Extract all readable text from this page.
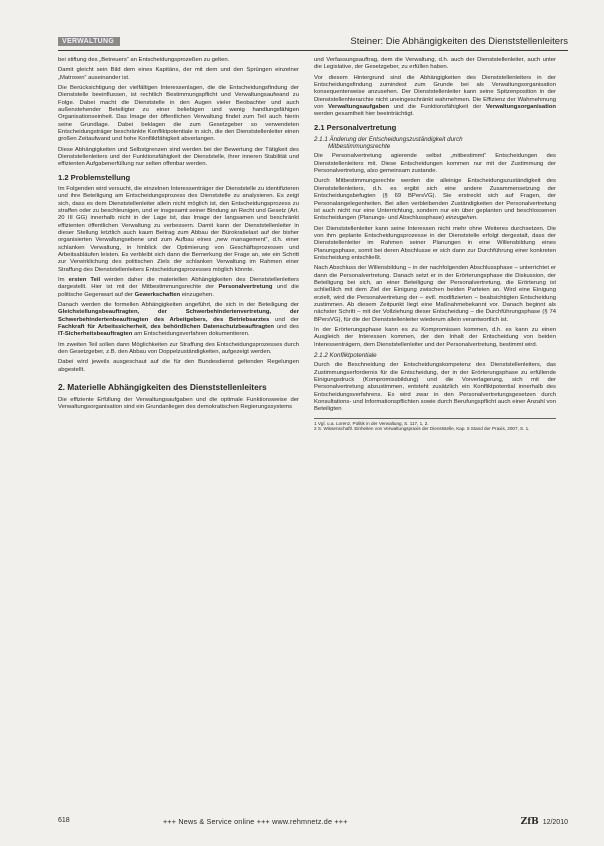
VERWALTUNG	Steiner: Die Abhängigkeiten des Dienststellenleiters

bei stiftung des „Betreuers“ an Entscheidungsprozeßen zu gelten.

Damit gleicht sein Bild dem eines Kapitäns, der mit dem und den Sprüngen einzelner „Matrosen“ auseinander ist.

Die Berücksichtigung der vielfältigen Interessenlagen, die die Entscheidungsfindung der Dienststelle beeinflussen, ist rechtlich Bestimmungspflicht und Verwaltungsaufwand zu Folge. Dabei macht die Dienststelle in den Augen vieler Beobachter und auch außenstehender Beteiligter zu einer beliebigen und wenig handlungsfähigen Organisationseinheit. Das Image der öffentlichen Verwaltung findet zum Teil auch hierin seine Grundlage. Dabei beklagen die zum Gesetzgeber so verwendeten Entscheidungsträger beschränkte Konfliktpotentiale in sich, die den Dienststellenleiter einen großen Zeitaufwand und hohe Konfliktfähigkeit abverlangen.

Diese Abhängigkeiten und Selbstgrenzen sind werden bei der Bewertung der Tätigkeit des Dienststellenleiters und der Funktionsfähigkeit der Dienststelle, ihrer inneren Stabilität und effizienten Aufgabenerfüllung nur selten offenbar werden.

1.2 Problemstellung

Im Folgenden wird versucht, die einzelnen Interessenträger der Dienststelle zu identifizieren und ihre Beteiligung am Entscheidungsprozess des Dienststelle zu analysieren. Es zeigt sich, dass es dem Dienststellenleiter allein nicht möglich ist, den Entscheidungsprozess zu straffen oder zu beschleunigen, und er insgesamt seiner Bindung an Recht und Gesetz (Art. 20 III GG) innerhalb nicht in der Lage ist, das Image der langsamen und beschränkt effizienten öffentlichen Verwaltung zu verbessern. Damit kann der Dienststellenleiter in dieser Stellung letztlich auch kaum Beitrag zum Abbau der Bürokratielast auf der bisher organisierten Verwaltungsebene und zum Aufbau eines „new management“, d.h. einer schlanken Verwaltung, in hinblick der Optimierung von Geschäftsprozessen und Arbeitsabläufen leisten. Es verbleibt sich dann die Bemerkung der Frage an, wie ein Schritt zur Verwirklichung des politischen Ziels der schlanken Verwaltung im Rahmen einer Straffung des Dienststellenleiters Entscheidungsprozesses möglich könnte.

Im ersten Teil werden daher die materiellen Abhängigkeiten des Dienststellenleiters dargestellt. Hier ist mit der Mitbestimmungsrechte der Personalvertretung und die politische Gegenwart auf der Gewerkschaften einzugehen.

Danach werden die formellen Abhängigkeiten angeführt, die sich in der Beteiligung der Gleichstellungsbeauftragten, der Schwerbehindertenvertretung, der Schwerbehindertenbeauftragten des Arbeitgebers, des Betriebsarztes und der Fachkraft für Arbeitssicherheit, des behördlichen Datenschutzbeauftragten und des IT-Sicherheitsbeauftragten am Entscheidungsverfahren dokumentieren.

Im zweiten Teil sollen dann Möglichkeiten zur Straffung des Entscheidungsprozesses durch den Gesetzgeber, z.B. den Abbau von Doppelzuständigkeiten, aufgezeigt werden.

Dabei wird jeweils ausgeschaut auf die für den Bundesdienst geltenden Regelungen abgestellt.

2. Materielle Abhängigkeiten des Dienststellenleiters

Die effiziente Erfüllung der Verwaltungsaufgaben und die optimale Funktionsweise der Verwaltungsorganisation sind ein Grundanliegen des demokratischen Regierungssystems

und Verfassungsauftrag, dem die Verwaltung, d.h. auch der Dienststellenleiter, auch unter die Legislative, der Gesetzgeber, zu erfüllen haben.

Vor diesem Hintergrund sind die Abhängigkeiten des Dienststellenleiters in der Entscheidungsfindung zumindest zum Grunde bei als Verwaltungsorganisation konsequenterweise anzusehen. Der Dienststellenleiter kann seine Spitzenposition in der Dienststellenhierarchie nicht uneingeschränkt wahrnehmen. Die Effizienz der Wahrnehmung von Verwaltungsaufgaben und die Funktionsfähigkeit der Verwaltungsorganisation werden gesamtheit hier beeinträchtigt.

2.1 Personalvertretung
2.1.1 Änderung der Entscheidungszuständigkeit durch
Mitbestimmungsrechte

Die Personalvertretung agierende selbst „mitbestimmt“ Entscheidungen des Dienststellenleiters mit. Diese Entscheidungen kommen nur mit der Zustimmung der Personalvertretung, also gemeinsam zustande.

Durch Mitbestimmungsrechte werden die alleinige Entscheidungszuständigkeit des Dienststellenleiters, d.h. es ergibt sich eine andere Zusammensetzung der Entscheidungsbefugten (§ 69 BPersVG). Sie erstreckt sich auf Fragen, der Personalangelegenheiten. Bei allen verbleibenden Zuständigkeiten der Personalvertretung ist auch nicht nur eine Unterrichtung, sondern nur ein über geplanten und beschlossenen Entscheidungen (Planungs- und Abschlussphase) einzugehen.

Der Dienststellenleiter kann seine Interessen nicht mehr ohne Weiteres durchsetzen. Die von ihm geplante Entscheidungsprozesse in der Dienststelle erfolgt dergestalt, dass der Dienststellenleiter im Rahmen seiner Planungen in eine Willensbildung eines Planungsphase, somit bei deren Abschlusse er sich dann zur Durchführung einer konkreten Entscheidung entschließt.

Nach Abschluss der Willensbildung – in der nachfolgenden Abschlussphase – unterrichtet er dann die Personalvertretung. Danach setzt er in der Erörterungsphase die Diskussion, der Beteiligung bei sich, an einer Beteiligung der Personalvertretung, die Erörterung ist schließlich mit dem Ziel der Einigung zwischen beiden Parteien an. Wird eine Einigung erzielt, wird die Personalvertretung der – evtl. modifizierten – beabsichtigten Entscheidung zustimmen. Ab diesem Zeitpunkt liegt eine Maßnahmebekannt vor. Danach beginnt als nächster Schritt – mit der Vollziehung dieser Entscheidung – die Durchführungsphase (§ 74 BPersVG), für die der Dienststellenleiter wiederum allein verantwortlich ist.

In der Erörterungsphase kann es zu Kompromissen kommen, d.h. es kann zu einen Ausgleich der Interessen kommen, der den Inhalt der Entscheidung von beiden Interessenträgern, dem Dienststellenleiter und der Personalvertretung, bestimmt wird.

2.1.2 Konfliktpotentiale

Durch die Beschneidung der Entscheidungskompetenz des Dienststellenleiters, das Zustimmungserfordernis für die Entscheidung, der in der Erörterungsphase zu erfüllende Einigungsdruck (Kompromissbildung) und die Vorverlagerung, sich mit der Personalvertretung abzustimmen, entsteht zusätzlich ein Konfliktpotential innerhalb des Entscheidungsverfahrens. Es wird zwar in den Personalvertretungsgesetzen durch Konsultations- und Informationspflichten sowie durch Berufungspflicht auch einer Anzahl von Beteiligten

1 Vgl. u.a. Lorenz, Politik in der Verwaltung, S. 117, 1, 2.
2 S. Wissenschaftl. Einheiten von Verwaltungspraxis der Dienststelle, Kap. 5 Stand der Praxis, 2007, S. 1.
618	+++ News & Service online +++ www.rehmnetz.de +++	ZfB 12/2010
